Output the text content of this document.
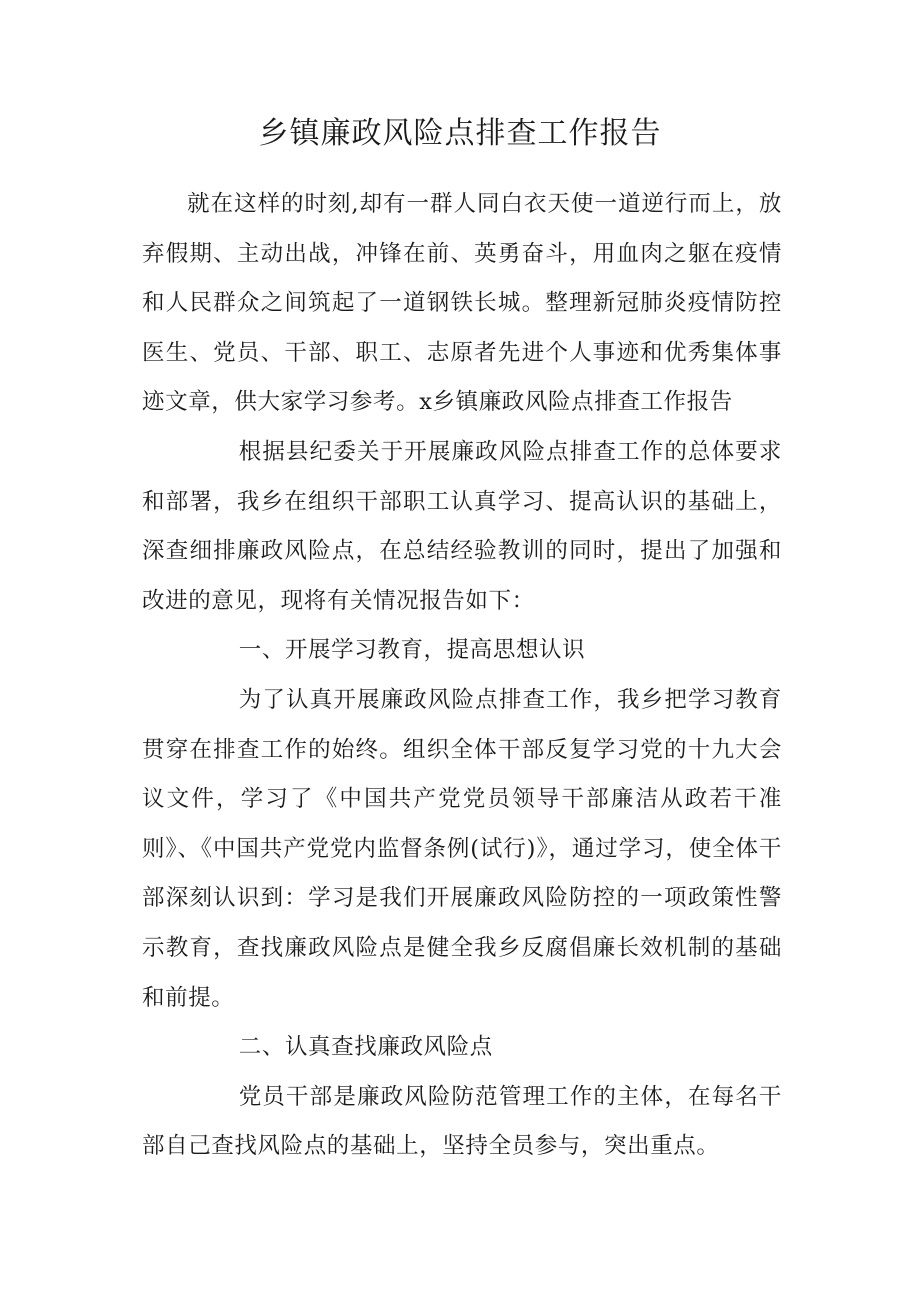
乡镇廉政风险点排查工作报告

就在这样的时刻,却有一群人同白衣天使一道逆行而上，放弃假期、主动出战，冲锋在前、英勇奋斗，用血肉之躯在疫情和人民群众之间筑起了一道钢铁长城。整理新冠肺炎疫情防控医生、党员、干部、职工、志原者先进个人事迹和优秀集体事迹文章，供大家学习参考。x乡镇廉政风险点排查工作报告

根据县纪委关于开展廉政风险点排查工作的总体要求和部署，我乡在组织干部职工认真学习、提高认识的基础上，深查细排廉政风险点，在总结经验教训的同时，提出了加强和改进的意见，现将有关情况报告如下：

一、开展学习教育，提高思想认识

为了认真开展廉政风险点排查工作，我乡把学习教育贯穿在排查工作的始终。组织全体干部反复学习党的十九大会议文件，学习了《中国共产党党员领导干部廉洁从政若干准则》、《中国共产党党内监督条例(试行)》，通过学习，使全体干部深刻认识到：学习是我们开展廉政风险防控的一项政策性警示教育，查找廉政风险点是健全我乡反腐倡廉长效机制的基础和前提。

二、认真查找廉政风险点

党员干部是廉政风险防范管理工作的主体，在每名干部自己查找风险点的基础上，坚持全员参与，突出重点。
